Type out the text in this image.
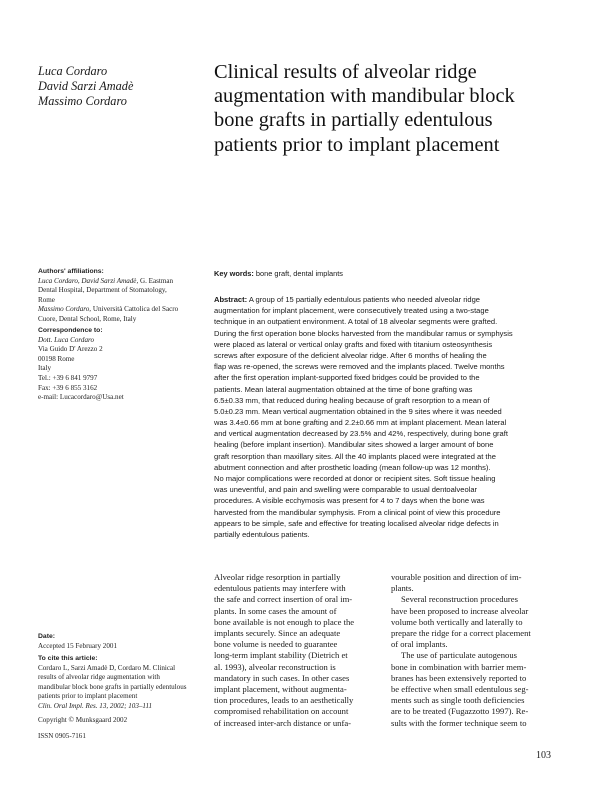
Luca Cordaro
David Sarzi Amadè
Massimo Cordaro
Clinical results of alveolar ridge
augmentation with mandibular block
bone grafts in partially edentulous
patients prior to implant placement
Authors' affiliations:
Luca Cordaro, David Sarzi Amadè, G. Eastman
Dental Hospital, Department of Stomatology,
Rome
Massimo Cordaro, Università Cattolica del Sacro
Cuore, Dental School, Rome, Italy
Correspondence to:
Dott. Luca Cordaro
Via Guido D' Arezzo 2
00198 Rome
Italy
Tel.: +39 6 841 9797
Fax: +39 6 855 3162
e-mail: Lucacordaro@Usa.net
Date:
Accepted 15 February 2001
To cite this article:
Cordaro L, Sarzi Amadè D, Cordaro M. Clinical
results of alveolar ridge augmentation with
mandibular block bone grafts in partially edentulous
patients prior to implant placement
Clin. Oral Impl. Res. 13, 2002; 103–111
Copyright © Munksgaard 2002
ISSN 0905-7161
Key words: bone graft, dental implants
Abstract: A group of 15 partially edentulous patients who needed alveolar ridge
augmentation for implant placement, were consecutively treated using a two-stage
technique in an outpatient environment. A total of 18 alveolar segments were grafted.
During the first operation bone blocks harvested from the mandibular ramus or symphysis
were placed as lateral or vertical onlay grafts and fixed with titanium osteosynthesis
screws after exposure of the deficient alveolar ridge. After 6 months of healing the
flap was re-opened, the screws were removed and the implants placed. Twelve months
after the first operation implant-supported fixed bridges could be provided to the
patients. Mean lateral augmentation obtained at the time of bone grafting was
6.5±0.33 mm, that reduced during healing because of graft resorption to a mean of
5.0±0.23 mm. Mean vertical augmentation obtained in the 9 sites where it was needed
was 3.4±0.66 mm at bone grafting and 2.2±0.66 mm at implant placement. Mean lateral
and vertical augmentation decreased by 23.5% and 42%, respectively, during bone graft
healing (before implant insertion). Mandibular sites showed a larger amount of bone
graft resorption than maxillary sites. All the 40 implants placed were integrated at the
abutment connection and after prosthetic loading (mean follow-up was 12 months).
No major complications were recorded at donor or recipient sites. Soft tissue healing
was uneventful, and pain and swelling were comparable to usual dentoalveolar
procedures. A visible ecchymosis was present for 4 to 7 days when the bone was
harvested from the mandibular symphysis. From a clinical point of view this procedure
appears to be simple, safe and effective for treating localised alveolar ridge defects in
partially edentulous patients.
Alveolar ridge resorption in partially
edentulous patients may interfere with
the safe and correct insertion of oral im-
plants. In some cases the amount of
bone available is not enough to place the
implants securely. Since an adequate
bone volume is needed to guarantee
long-term implant stability (Dietrich et
al. 1993), alveolar reconstruction is
mandatory in such cases. In other cases
implant placement, without augmenta-
tion procedures, leads to an aesthetically
compromised rehabilitation on account
of increased inter-arch distance or unfa-
vourable position and direction of im-
plants.
Several reconstruction procedures
have been proposed to increase alveolar
volume both vertically and laterally to
prepare the ridge for a correct placement
of oral implants.
The use of particulate autogenous
bone in combination with barrier mem-
branes has been extensively reported to
be effective when small edentulous seg-
ments such as single tooth deficiencies
are to be treated (Fugazzotto 1997). Re-
sults with the former technique seem to
103
